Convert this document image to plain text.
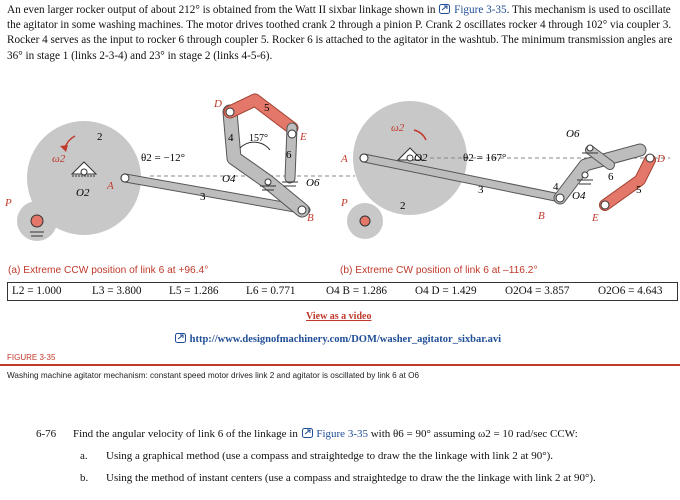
An even larger rocker output of about 212° is obtained from the Watt II sixbar linkage shown in Figure 3-35. This mechanism is used to oscillate the agitator in some washing machines. The motor drives toothed crank 2 through a pinion P. Crank 2 oscillates rocker 4 through 102° via coupler 3. Rocker 4 serves as the input to rocker 6 through coupler 5. Rocker 6 is attached to the agitator in the washtub. The minimum transmission angles are 36° in stage 1 (links 2-3-4) and 23° in stage 2 (links 4-5-6).
ω2
2
θ2 = −12°
O2
A
P	3
D	5
4 157°	E
6
O4	O6
B
ω2
A	O2	θ2 = 167°
P	2
3
O6
4
6
D
O4
B	E
5
(a) Extreme CCW position of link 6 at +96.4°	(b) Extreme CW position of link 6 at –116.2°
L2 = 1.000	L3 = 3.800 L5 = 1.286 L6 = 0.771	O4 B = 1.286 O4 D = 1.429	O2O4 = 3.857	O2O6 = 4.643
View as a video
http://www.designofmachinery.com/DOM/washer_agitator_sixbar.avi
FIGURE 3-35
Washing machine agitator mechanism: constant speed motor drives link 2 and agitator is oscillated by link 6 at O6
6-76 Find the angular velocity of link 6 of the linkage in Figure 3-35 with θ6 = 90° assuming ω2 = 10 rad/sec CCW:
a. Using a graphical method (use a compass and straightedge to draw the the linkage with link 2 at 90°).
b. Using the method of instant centers (use a compass and straightedge to draw the the linkage with link 2 at 90°).
